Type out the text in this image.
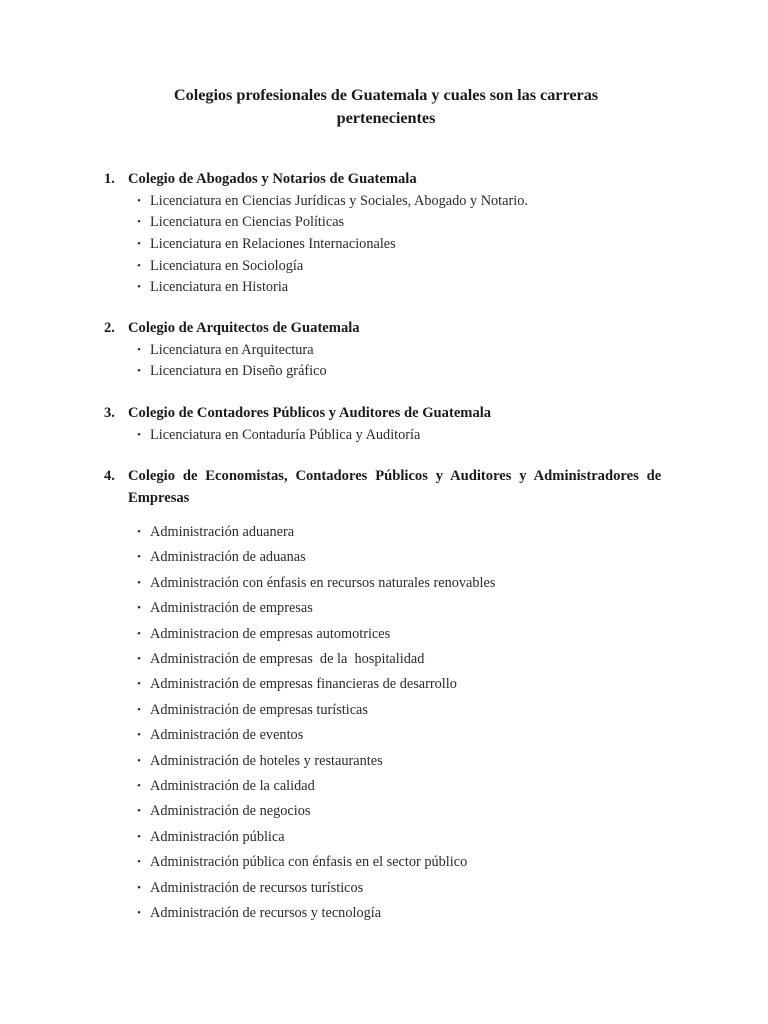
Colegios profesionales de Guatemala y cuales son las carreras
pertenecientes
1. Colegio de Abogados y Notarios de Guatemala
• Licenciatura en Ciencias Jurídicas y Sociales, Abogado y Notario.
• Licenciatura en Ciencias Políticas
• Licenciatura en Relaciones Internacionales
• Licenciatura en Sociología
• Licenciatura en Historia
2. Colegio de Arquitectos de Guatemala
• Licenciatura en Arquitectura
• Licenciatura en Diseño gráfico
3. Colegio de Contadores Públicos y Auditores de Guatemala
• Licenciatura en Contaduría Pública y Auditoría
4. Colegio de Economistas, Contadores Públicos y Auditores y Administradores de
Empresas
• Administración aduanera
• Administración de aduanas
• Administración con énfasis en recursos naturales renovables
• Administración de empresas
• Administracion de empresas automotrices
• Administración de empresas  de la  hospitalidad
• Administración de empresas financieras de desarrollo
• Administración de empresas turísticas
• Administración de eventos
• Administración de hoteles y restaurantes
• Administración de la calidad
• Administración de negocios
• Administración pública
• Administración pública con énfasis en el sector público
• Administración de recursos turísticos
• Administración de recursos y tecnología
